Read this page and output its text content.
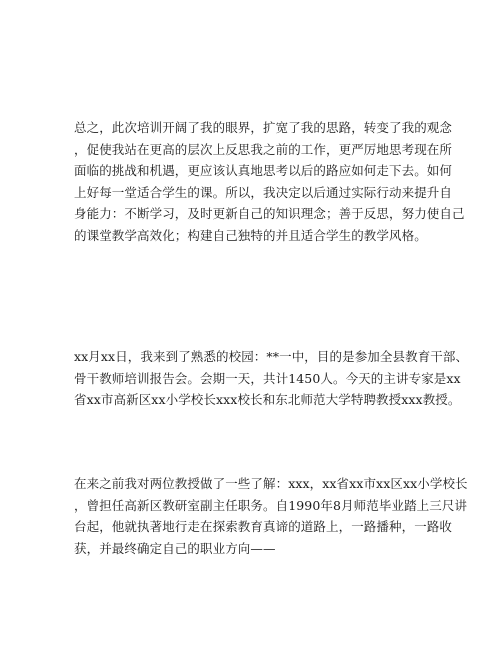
总之，此次培训开阔了我的眼界，扩宽了我的思路，转变了我的观念
，促使我站在更高的层次上反思我之前的工作，更严厉地思考现在所
面临的挑战和机遇，更应该认真地思考以后的路应如何走下去。如何
上好每一堂适合学生的课。所以，我决定以后通过实际行动来提升自
身能力：不断学习，及时更新自己的知识理念；善于反思，努力使自己
的课堂教学高效化；构建自己独特的并且适合学生的教学风格。
xx月xx日，我来到了熟悉的校园：**一中，目的是参加全县教育干部、
骨干教师培训报告会。会期一天，共计1450人。今天的主讲专家是xx
省xx市高新区xx小学校长xxx校长和东北师范大学特聘教授xxx教授。
在来之前我对两位教授做了一些了解：xxx，xx省xx市xx区xx小学校长
，曾担任高新区教研室副主任职务。自1990年8月师范毕业踏上三尺讲
台起，他就执著地行走在探索教育真谛的道路上，一路播种，一路收
获，并最终确定自己的职业方向——
